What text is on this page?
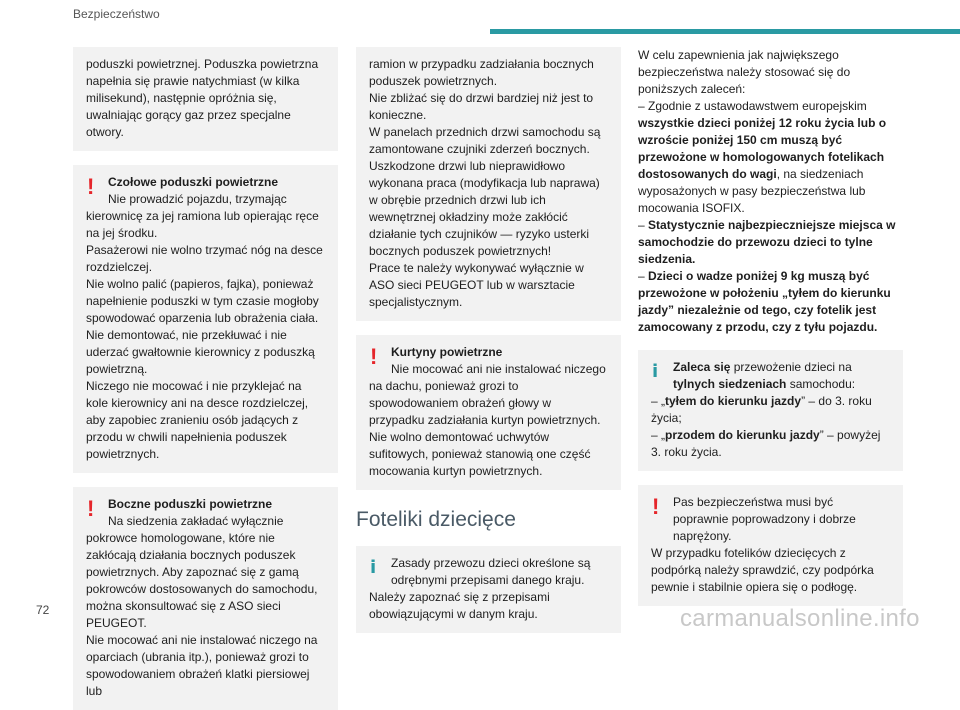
Bezpieczeństwo
poduszki powietrznej. Poduszka powietrzna napełnia się prawie natychmiast (w kilka milisekund), następnie opróżnia się, uwalniając gorący gaz przez specjalne otwory.
!	Czołowe poduszki powietrzne
Nie prowadzić pojazdu, trzymając kierownicę za jej ramiona lub opierając ręce na jej środku.
Pasażerowi nie wolno trzymać nóg na desce rozdzielczej.
Nie wolno palić (papieros, fajka), ponieważ napełnienie poduszki w tym czasie mogłoby spowodować oparzenia lub obrażenia ciała.
Nie demontować, nie przekłuwać i nie uderzać gwałtownie kierownicy z poduszką powietrzną.
Niczego nie mocować i nie przyklejać na kole kierownicy ani na desce rozdzielczej, aby zapobiec zranieniu osób jadących z przodu w chwili napełnienia poduszek powietrznych.
!	Boczne poduszki powietrzne
Na siedzenia zakładać wyłącznie
pokrowce homologowane, które nie zakłócają działania bocznych poduszek powietrznych. Aby zapoznać się z gamą pokrowców dostosowanych do samochodu, można skonsultować się z ASO sieci PEUGEOT.
Nie mocować ani nie instalować niczego na oparciach (ubrania itp.), ponieważ grozi to spowodowaniem obrażeń klatki piersiowej lub
ramion w przypadku zadziałania bocznych poduszek powietrznych.
Nie zbliżać się do drzwi bardziej niż jest to konieczne.
W panelach przednich drzwi samochodu są zamontowane czujniki zderzeń bocznych. Uszkodzone drzwi lub nieprawidłowo wykonana praca (modyfikacja lub naprawa) w obrębie przednich drzwi lub ich wewnętrznej okładziny może zakłócić działanie tych czujników — ryzyko usterki bocznych poduszek powietrznych!
Prace te należy wykonywać wyłącznie w ASO sieci PEUGEOT lub w warsztacie specjalistycznym.
!	Kurtyny powietrzne
Nie mocować ani nie instalować niczego
na dachu, ponieważ grozi to spowodowaniem obrażeń głowy w przypadku zadziałania kurtyn powietrznych.
Nie wolno demontować uchwytów sufitowych, ponieważ stanowią one część mocowania kurtyn powietrznych.
Foteliki dziecięce
i	Zasady przewozu dzieci określone są odrębnymi przepisami danego kraju.
Należy zapoznać się z przepisami obowiązującymi w danym kraju.
W celu zapewnienia jak największego bezpieczeństwa należy stosować się do poniższych zaleceń:
– Zgodnie z ustawodawstwem europejskim wszystkie dzieci poniżej 12 roku życia lub o wzroście poniżej 150 cm muszą być przewożone w homologowanych fotelikach dostosowanych do wagi, na siedzeniach wyposażonych w pasy bezpieczeństwa lub mocowania ISOFIX.
– Statystycznie najbezpieczniejsze miejsca w samochodzie do przewozu dzieci to tylne siedzenia.
– Dzieci o wadze poniżej 9 kg muszą być przewożone w położeniu „tyłem do kierunku jazdy” niezależnie od tego, czy fotelik jest zamocowany z przodu, czy z tyłu pojazdu.
i	Zaleca się przewożenie dzieci na tylnych siedzeniach samochodu:
– „tyłem do kierunku jazdy” – do 3. roku życia;
– „przodem do kierunku jazdy” – powyżej 3. roku życia.
!	Pas bezpieczeństwa musi być poprawnie poprowadzony i dobrze naprężony.
W przypadku fotelików dziecięcych z podpórką należy sprawdzić, czy podpórka pewnie i stabilnie opiera się o podłogę.
72	carmanualsonline.info
